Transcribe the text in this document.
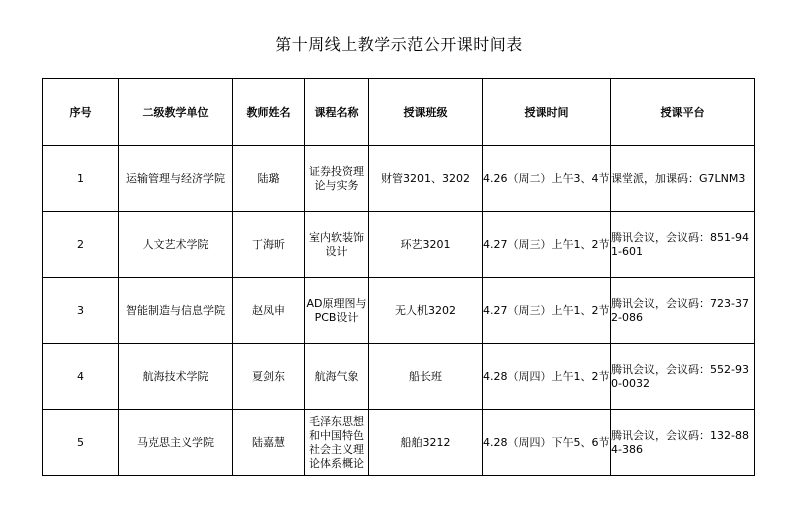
第十周线上教学示范公开课时间表
序号	二级教学单位	教师姓名	课程名称	授课班级	授课时间	授课平台
1	运输管理与经济学院	陆璐	证券投资理论与实务	财管3201、3202	4.26（周二）上午3、4节	课堂派，加课码：G7LNM3
2	人文艺术学院	丁海昕	室内软装饰设计	环艺3201	4.27（周三）上午1、2节	腾讯会议，会议码：851-941-601
3	智能制造与信息学院	赵凤申	AD原理图与PCB设计	无人机3202	4.27（周三）上午1、2节	腾讯会议，会议码：723-372-086
4	航海技术学院	夏剑东	航海气象	船长班	4.28（周四）上午1、2节	腾讯会议，会议码：552-930-0032
5	马克思主义学院	陆嘉慧	毛泽东思想和中国特色社会主义理论体系概论	船舶3212	4.28（周四）下午5、6节	腾讯会议，会议码：132-884-386
